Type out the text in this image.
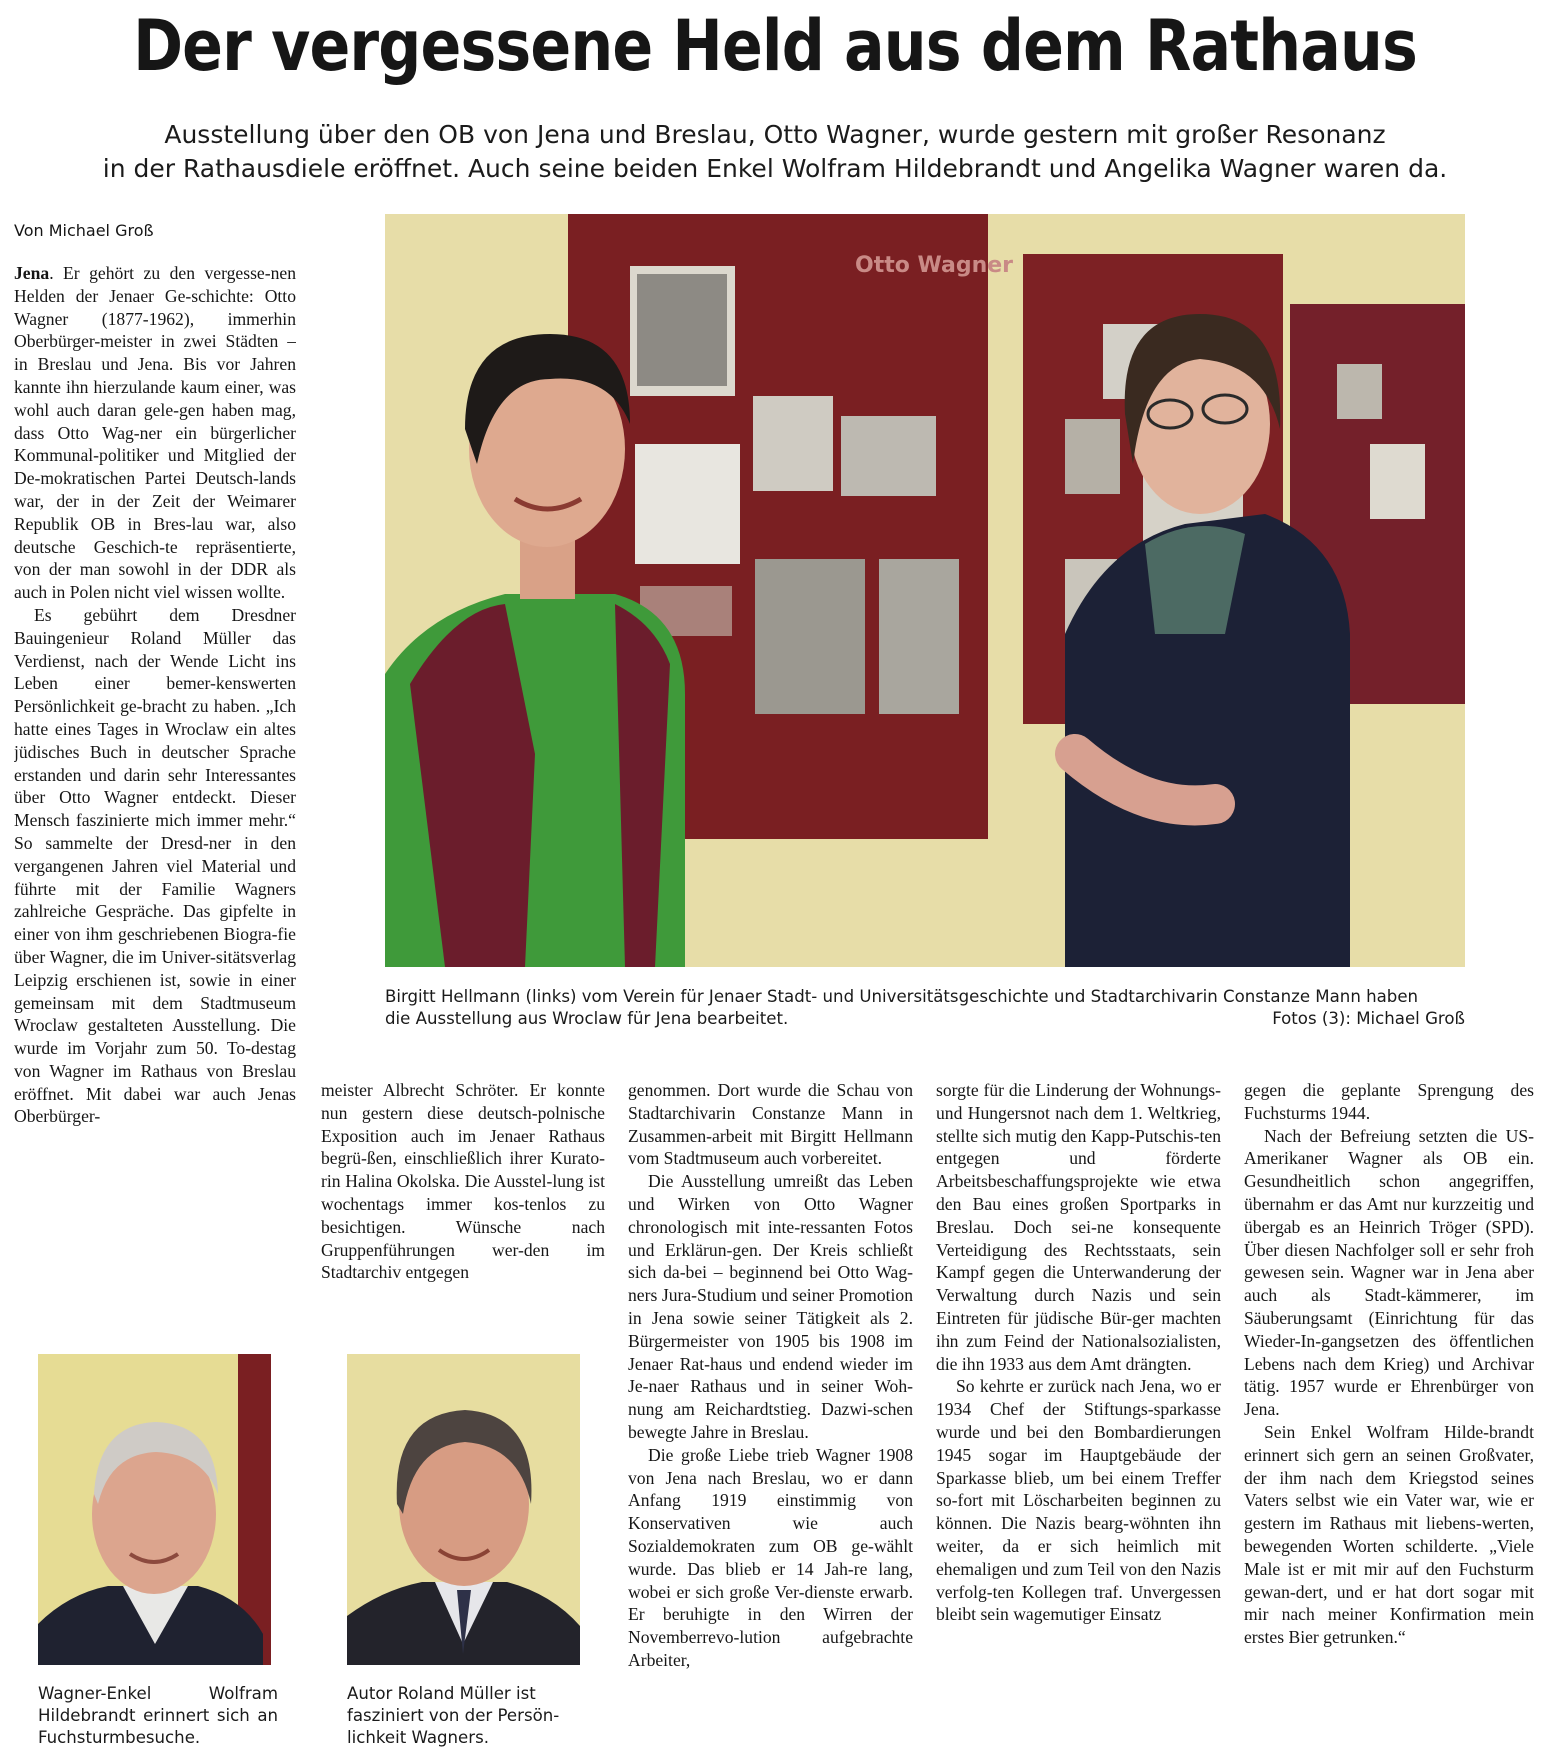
Der vergessene Held aus dem Rathaus
Ausstellung über den OB von Jena und Breslau, Otto Wagner, wurde gestern mit großer Resonanz
in der Rathausdiele eröffnet. Auch seine beiden Enkel Wolfram Hildebrandt und Angelika Wagner waren da.
Von Michael Groß

Jena. Er gehört zu den vergesse-nen Helden der Jenaer Ge-schichte: Otto Wagner (1877-1962), immerhin Oberbürger-meister in zwei Städten – in Breslau und Jena. Bis vor Jahren kannte ihn hierzulande kaum einer, was wohl auch daran gele-gen haben mag, dass Otto Wag-ner ein bürgerlicher Kommunal-politiker und Mitglied der De-mokratischen Partei Deutsch-lands war, der in der Zeit der Weimarer Republik OB in Bres-lau war, also deutsche Geschich-te repräsentierte, von der man sowohl in der DDR als auch in Polen nicht viel wissen wollte.

Es gebührt dem Dresdner Bauingenieur Roland Müller das Verdienst, nach der Wende Licht ins Leben einer bemer-kenswerten Persönlichkeit ge-bracht zu haben. „Ich hatte eines Tages in Wroclaw ein altes jüdisches Buch in deutscher Sprache erstanden und darin sehr Interessantes über Otto Wagner entdeckt. Dieser Mensch faszinierte mich immer mehr.“ So sammelte der Dresd-ner in den vergangenen Jahren viel Material und führte mit der Familie Wagners zahlreiche Gespräche. Das gipfelte in einer von ihm geschriebenen Biogra-fie über Wagner, die im Univer-sitätsverlag Leipzig erschienen ist, sowie in einer gemeinsam mit dem Stadtmuseum Wroclaw gestalteten Ausstellung. Die wurde im Vorjahr zum 50. To-destag von Wagner im Rathaus von Breslau eröffnet. Mit dabei war auch Jenas Oberbürger-

meister Albrecht Schröter. Er konnte nun gestern diese deutsch-polnische Exposition auch im Jenaer Rathaus begrü-ßen, einschließlich ihrer Kurato-rin Halina Okolska. Die Ausstel-lung ist wochentags immer kos-tenlos zu besichtigen. Wünsche nach Gruppenführungen wer-den im Stadtarchiv entgegen

genommen. Dort wurde die Schau von Stadtarchivarin Constanze Mann in Zusammen-arbeit mit Birgitt Hellmann vom Stadtmuseum auch vorbereitet.

Die Ausstellung umreißt das Leben und Wirken von Otto Wagner chronologisch mit inte-ressanten Fotos und Erklärun-gen. Der Kreis schließt sich da-bei – beginnend bei Otto Wag-ners Jura-Studium und seiner Promotion in Jena sowie seiner Tätigkeit als 2. Bürgermeister von 1905 bis 1908 im Jenaer Rat-haus und endend wieder im Je-naer Rathaus und in seiner Woh-nung am Reichardtstieg. Dazwi-schen bewegte Jahre in Breslau.

Die große Liebe trieb Wagner 1908 von Jena nach Breslau, wo er dann Anfang 1919 einstimmig von Konservativen wie auch Sozialdemokraten zum OB ge-wählt wurde. Das blieb er 14 Jah-re lang, wobei er sich große Ver-dienste erwarb. Er beruhigte in den Wirren der Novemberrevo-lution aufgebrachte Arbeiter,

sorgte für die Linderung der Wohnungs- und Hungersnot nach dem 1. Weltkrieg, stellte sich mutig den Kapp-Putschis-ten entgegen und förderte Arbeitsbeschaffungsprojekte wie etwa den Bau eines großen Sportparks in Breslau. Doch sei-ne konsequente Verteidigung des Rechtsstaats, sein Kampf gegen die Unterwanderung der Verwaltung durch Nazis und sein Eintreten für jüdische Bür-ger machten ihn zum Feind der Nationalsozialisten, die ihn 1933 aus dem Amt drängten.

So kehrte er zurück nach Jena, wo er 1934 Chef der Stiftungs-sparkasse wurde und bei den Bombardierungen 1945 sogar im Hauptgebäude der Sparkasse blieb, um bei einem Treffer so-fort mit Löscharbeiten beginnen zu können. Die Nazis bearg-wöhnten ihn weiter, da er sich heimlich mit ehemaligen und zum Teil von den Nazis verfolg-ten Kollegen traf. Unvergessen bleibt sein wagemutiger Einsatz

gegen die geplante Sprengung des Fuchsturms 1944.

Nach der Befreiung setzten die US-Amerikaner Wagner als OB ein. Gesundheitlich schon angegriffen, übernahm er das Amt nur kurzzeitig und übergab es an Heinrich Tröger (SPD). Über diesen Nachfolger soll er sehr froh gewesen sein. Wagner war in Jena aber auch als Stadt-kämmerer, im Säuberungsamt (Einrichtung für das Wieder-In-gangsetzen des öffentlichen Lebens nach dem Krieg) und Archivar tätig. 1957 wurde er Ehrenbürger von Jena.

Sein Enkel Wolfram Hilde-brandt erinnert sich gern an seinen Großvater, der ihm nach dem Kriegstod seines Vaters selbst wie ein Vater war, wie er gestern im Rathaus mit liebens-werten, bewegenden Worten schilderte. „Viele Male ist er mit mir auf den Fuchsturm gewan-dert, und er hat dort sogar mit mir nach meiner Konfirmation mein erstes Bier getrunken.“

Otto Wagner
Birgitt Hellmann (links) vom Verein für Jenaer Stadt- und Universitätsgeschichte und Stadtarchivarin Constanze Mann haben
die Ausstellung aus Wroclaw für Jena bearbeitet.	Fotos (3): Michael Groß
Wagner-Enkel Wolfram Hildebrandt erinnert sich an Fuchsturmbesuche.
Autor Roland Müller ist fasziniert von der Persön-lichkeit Wagners.
